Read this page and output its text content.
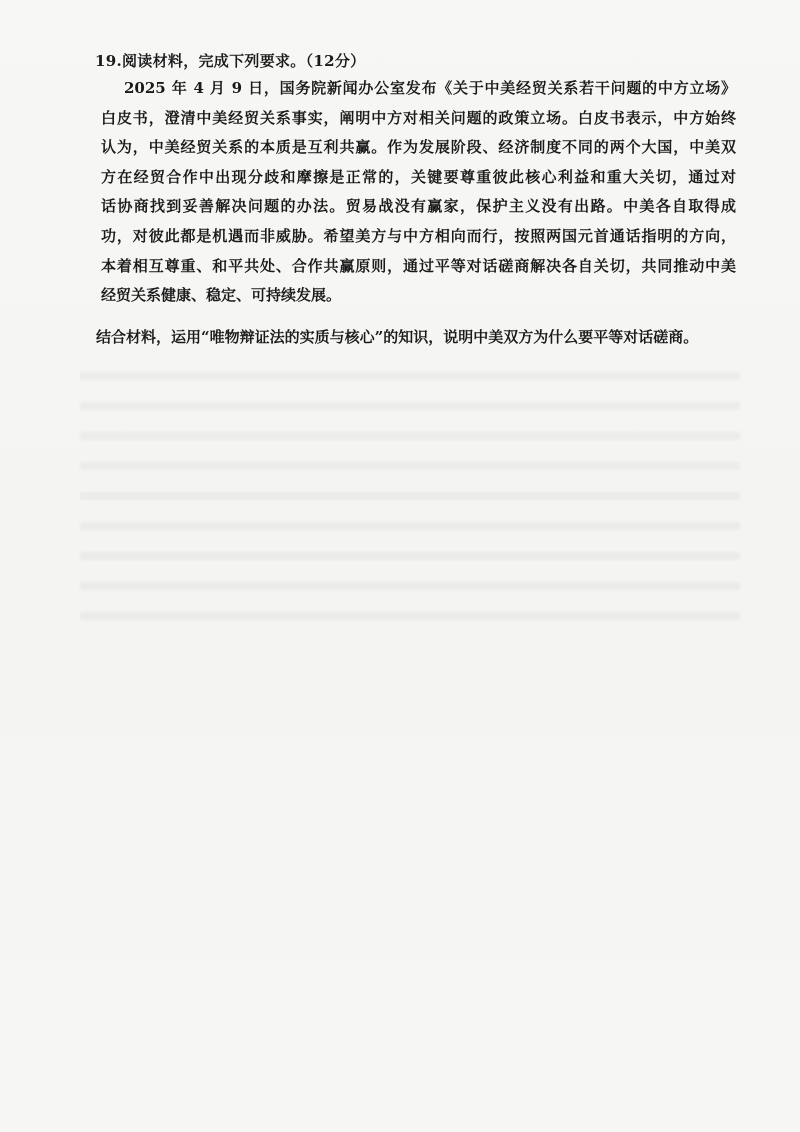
19.阅读材料，完成下列要求。（12分）
2025 年 4 月 9 日，国务院新闻办公室发布《关于中美经贸关系若干问题的中方立场》
白皮书，澄清中美经贸关系事实，阐明中方对相关问题的政策立场。白皮书表示，中方始终
认为，中美经贸关系的本质是互利共赢。作为发展阶段、经济制度不同的两个大国，中美双
方在经贸合作中出现分歧和摩擦是正常的，关键要尊重彼此核心利益和重大关切，通过对
话协商找到妥善解决问题的办法。贸易战没有赢家，保护主义没有出路。中美各自取得成
功，对彼此都是机遇而非威胁。希望美方与中方相向而行，按照两国元首通话指明的方向，
本着相互尊重、和平共处、合作共赢原则，通过平等对话磋商解决各自关切，共同推动中美
经贸关系健康、稳定、可持续发展。
结合材料，运用“唯物辩证法的实质与核心”的知识，说明中美双方为什么要平等对话磋商。
